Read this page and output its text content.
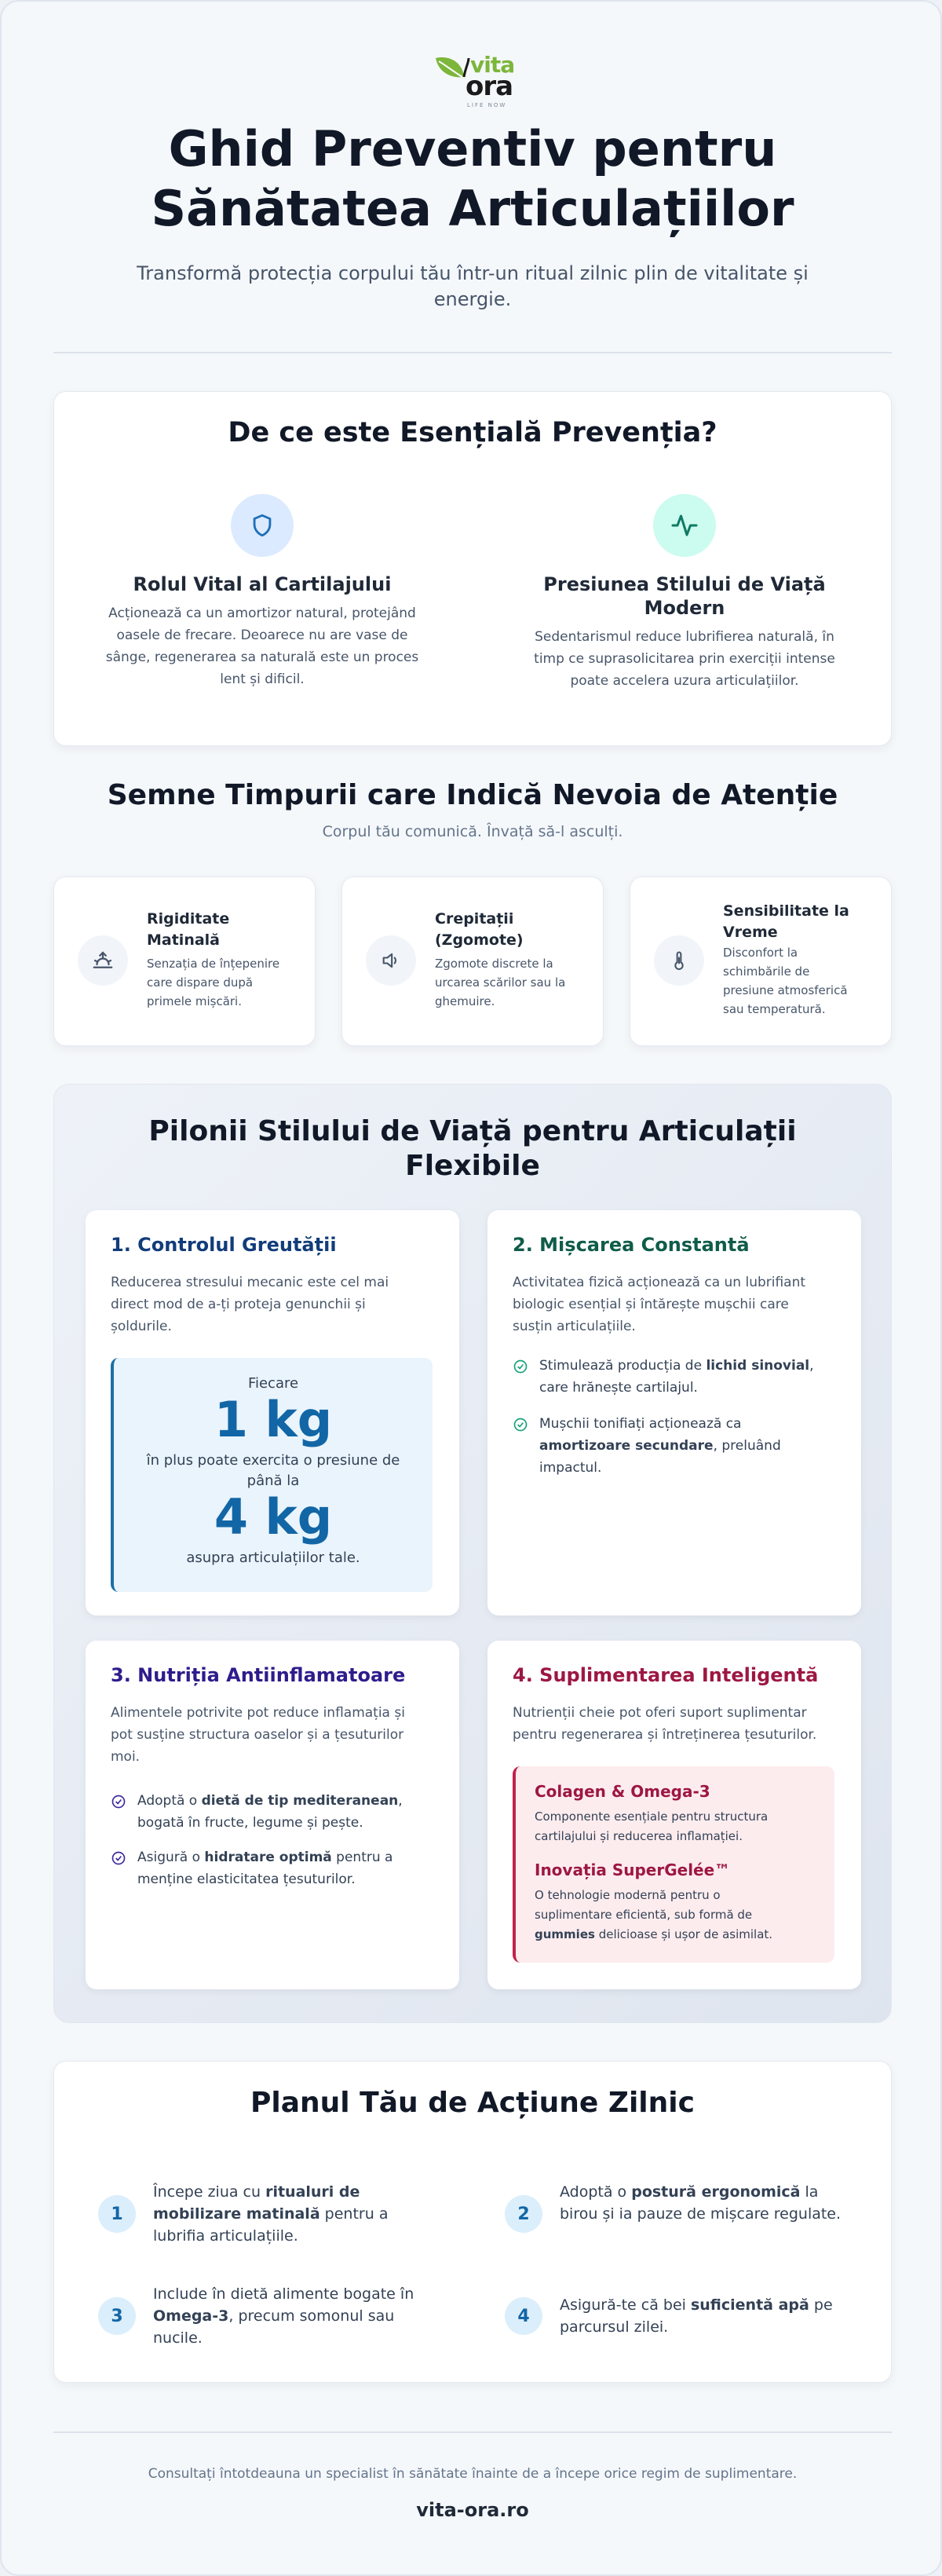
vita
ora
LIFE NOW
Ghid Preventiv pentru
Sănătatea Articulațiilor
Transformă protecția corpului tău într-un ritual zilnic plin de vitalitate și
energie.
De ce este Esențială Prevenția?
Rolul Vital al Cartilajului
Acționează ca un amortizor natural, protejând
oasele de frecare. Deoarece nu are vase de
sânge, regenerarea sa naturală este un proces
lent și dificil.
Presiunea Stilului de Viață
Modern
Sedentarismul reduce lubrifierea naturală, în
timp ce suprasolicitarea prin exerciții intense
poate accelera uzura articulațiilor.
Semne Timpurii care Indică Nevoia de Atenție
Corpul tău comunică. Învață să-l asculți.
Rigiditate
Matinală
Senzația de înțepenire
care dispare după
primele mișcări.
Crepitații
(Zgomote)
Zgomote discrete la
urcarea scărilor sau la
ghemuire.
Sensibilitate la
Vreme
Disconfort la
schimbările de
presiune atmosferică
sau temperatură.
Pilonii Stilului de Viață pentru Articulații
Flexibile
1. Controlul Greutății
Reducerea stresului mecanic este cel mai
direct mod de a-ți proteja genunchii și
șoldurile.
Fiecare
1 kg
în plus poate exercita o presiune de
până la
4 kg
asupra articulațiilor tale.
2. Mișcarea Constantă
Activitatea fizică acționează ca un lubrifiant
biologic esențial și întărește mușchii care
susțin articulațiile.
Stimulează producția de lichid sinovial,
care hrănește cartilajul.
Mușchii tonifiați acționează ca
amortizoare secundare, preluând
impactul.
3. Nutriția Antiinflamatoare
Alimentele potrivite pot reduce inflamația și
pot susține structura oaselor și a țesuturilor
moi.
Adoptă o dietă de tip mediteranean,
bogată în fructe, legume și pește.
Asigură o hidratare optimă pentru a
menține elasticitatea țesuturilor.
4. Suplimentarea Inteligentă
Nutrienții cheie pot oferi suport suplimentar
pentru regenerarea și întreținerea țesuturilor.
Colagen & Omega-3
Componente esențiale pentru structura
cartilajului și reducerea inflamației.
Inovația SuperGelée™
O tehnologie modernă pentru o
suplimentare eficientă, sub formă de
gummies delicioase și ușor de asimilat.
Planul Tău de Acțiune Zilnic
1
Începe ziua cu ritualuri de mobilizare matinală pentru a lubrifia articulațiile.
2
Adoptă o postură ergonomică la birou și ia pauze de mișcare regulate.
3
Include în dietă alimente bogate în Omega-3, precum somonul sau nucile.
4
Asigură-te că bei suficientă apă pe parcursul zilei.
Consultați întotdeauna un specialist în sănătate înainte de a începe orice regim de suplimentare.
vita-ora.ro
